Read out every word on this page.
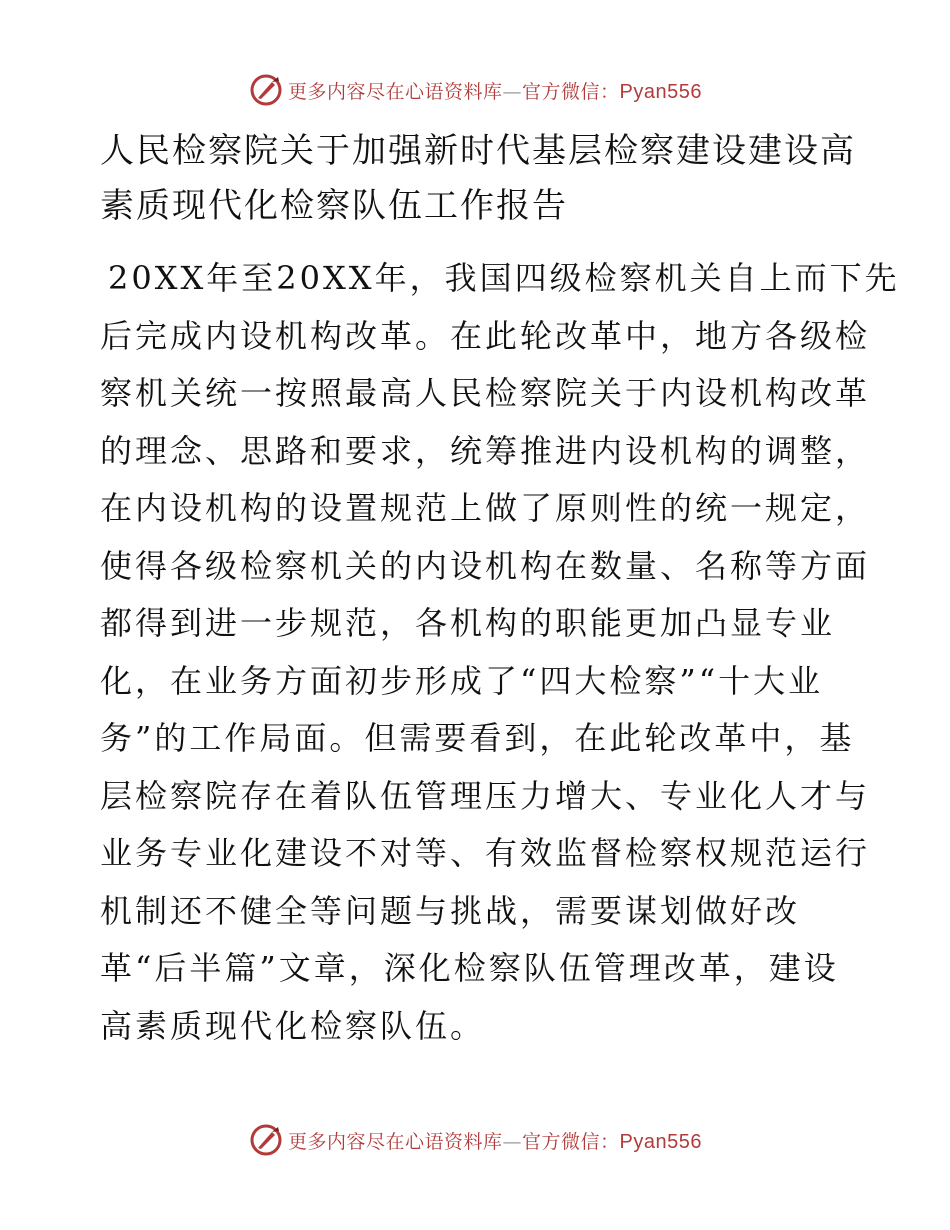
更多内容尽在心语资料库—官方微信：Pyan556
人民检察院关于加强新时代基层检察建设建设高
素质现代化检察队伍工作报告
20XX年至20XX年，我国四级检察机关自上而下先
后完成内设机构改革。在此轮改革中，地方各级检
察机关统一按照最高人民检察院关于内设机构改革
的理念、思路和要求，统筹推进内设机构的调整，
在内设机构的设置规范上做了原则性的统一规定，
使得各级检察机关的内设机构在数量、名称等方面
都得到进一步规范，各机构的职能更加凸显专业
化，在业务方面初步形成了“四大检察”“十大业
务”的工作局面。但需要看到，在此轮改革中，基
层检察院存在着队伍管理压力增大、专业化人才与
业务专业化建设不对等、有效监督检察权规范运行
机制还不健全等问题与挑战，需要谋划做好改
革“后半篇”文章，深化检察队伍管理改革，建设
高素质现代化检察队伍。
更多内容尽在心语资料库—官方微信：Pyan556
